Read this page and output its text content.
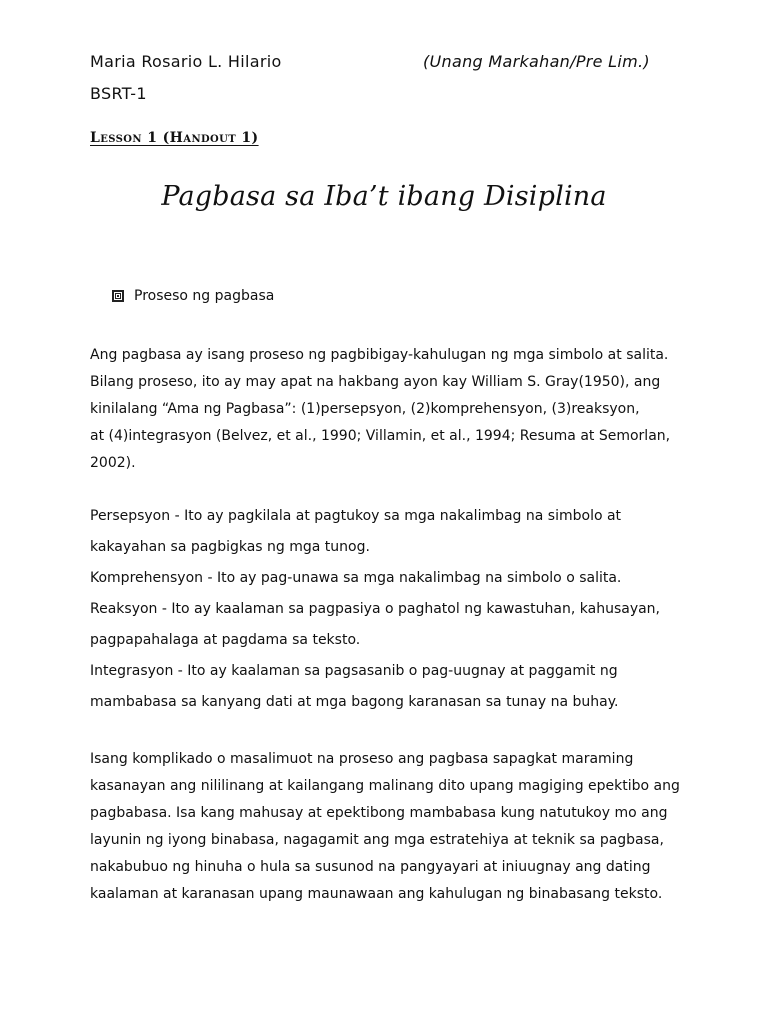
Maria Rosario L. Hilario	(Unang Markahan/Pre Lim.)
BSRT-1
Lesson 1 (Handout 1)
Pagbasa sa Iba’t ibang Disiplina
Proseso ng pagbasa
Ang pagbasa ay isang proseso ng pagbibigay-kahulugan ng mga simbolo at salita.
Bilang proseso, ito ay may apat na hakbang ayon kay William S. Gray(1950), ang
kinilalang “Ama ng Pagbasa”: (1)persepsyon, (2)komprehensyon, (3)reaksyon,
at (4)integrasyon (Belvez, et al., 1990; Villamin, et al., 1994; Resuma at Semorlan,
2002).
Persepsyon - Ito ay pagkilala at pagtukoy sa mga nakalimbag na simbolo at
kakayahan sa pagbigkas ng mga tunog.
Komprehensyon - Ito ay pag-unawa sa mga nakalimbag na simbolo o salita.
Reaksyon - Ito ay kaalaman sa pagpasiya o paghatol ng kawastuhan, kahusayan,
pagpapahalaga at pagdama sa teksto.
Integrasyon - Ito ay kaalaman sa pagsasanib o pag-uugnay at paggamit ng
mambabasa sa kanyang dati at mga bagong karanasan sa tunay na buhay.
Isang komplikado o masalimuot na proseso ang pagbasa sapagkat maraming
kasanayan ang nililinang at kailangang malinang dito upang magiging epektibo ang
pagbabasa. Isa kang mahusay at epektibong mambabasa kung natutukoy mo ang
layunin ng iyong binabasa, nagagamit ang mga estratehiya at teknik sa pagbasa,
nakabubuo ng hinuha o hula sa susunod na pangyayari at iniuugnay ang dating
kaalaman at karanasan upang maunawaan ang kahulugan ng binabasang teksto.
